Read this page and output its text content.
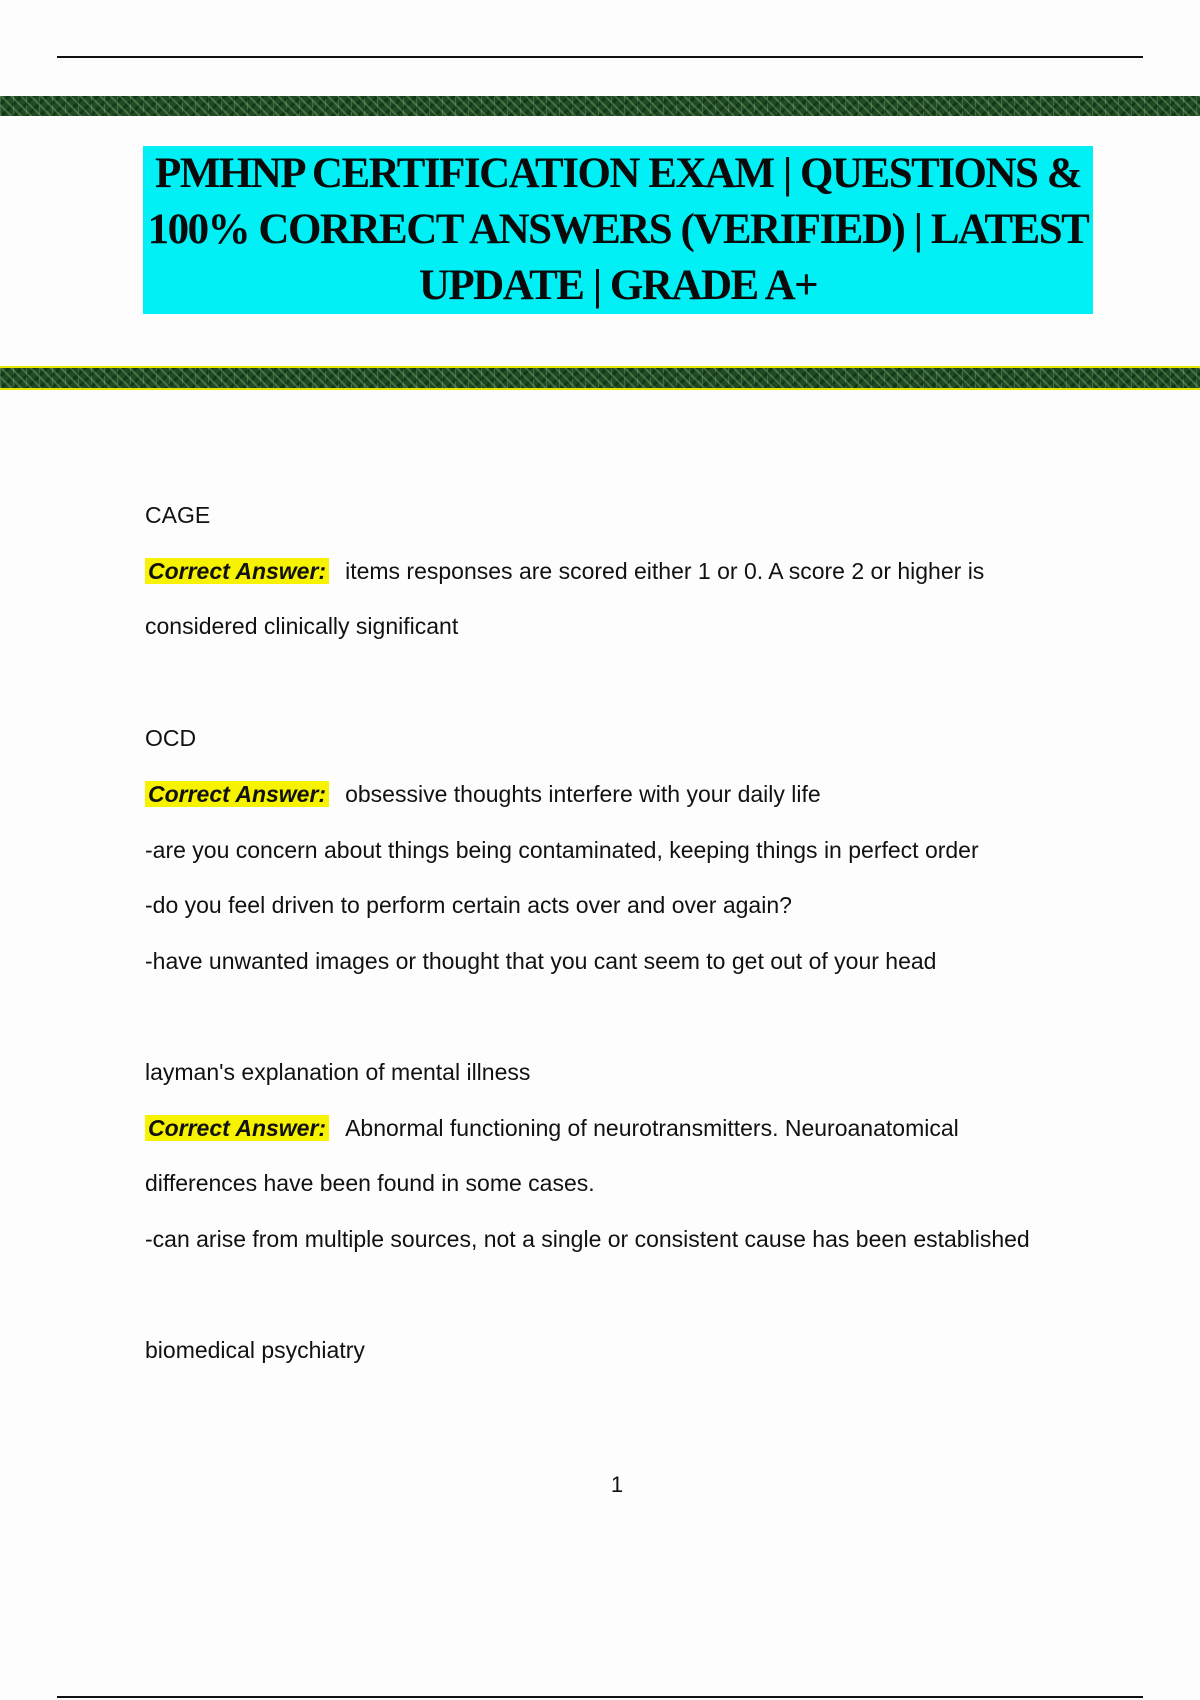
PMHNP CERTIFICATION EXAM | QUESTIONS & 100% CORRECT ANSWERS (VERIFIED) | LATEST UPDATE | GRADE A+
CAGE
Correct Answer: items responses are scored either 1 or 0. A score 2 or higher is
considered clinically significant
OCD
Correct Answer: obsessive thoughts interfere with your daily life
-are you concern about things being contaminated, keeping things in perfect order
-do you feel driven to perform certain acts over and over again?
-have unwanted images or thought that you cant seem to get out of your head
layman's explanation of mental illness
Correct Answer: Abnormal functioning of neurotransmitters. Neuroanatomical
differences have been found in some cases.
-can arise from multiple sources, not a single or consistent cause has been established
biomedical psychiatry
1
